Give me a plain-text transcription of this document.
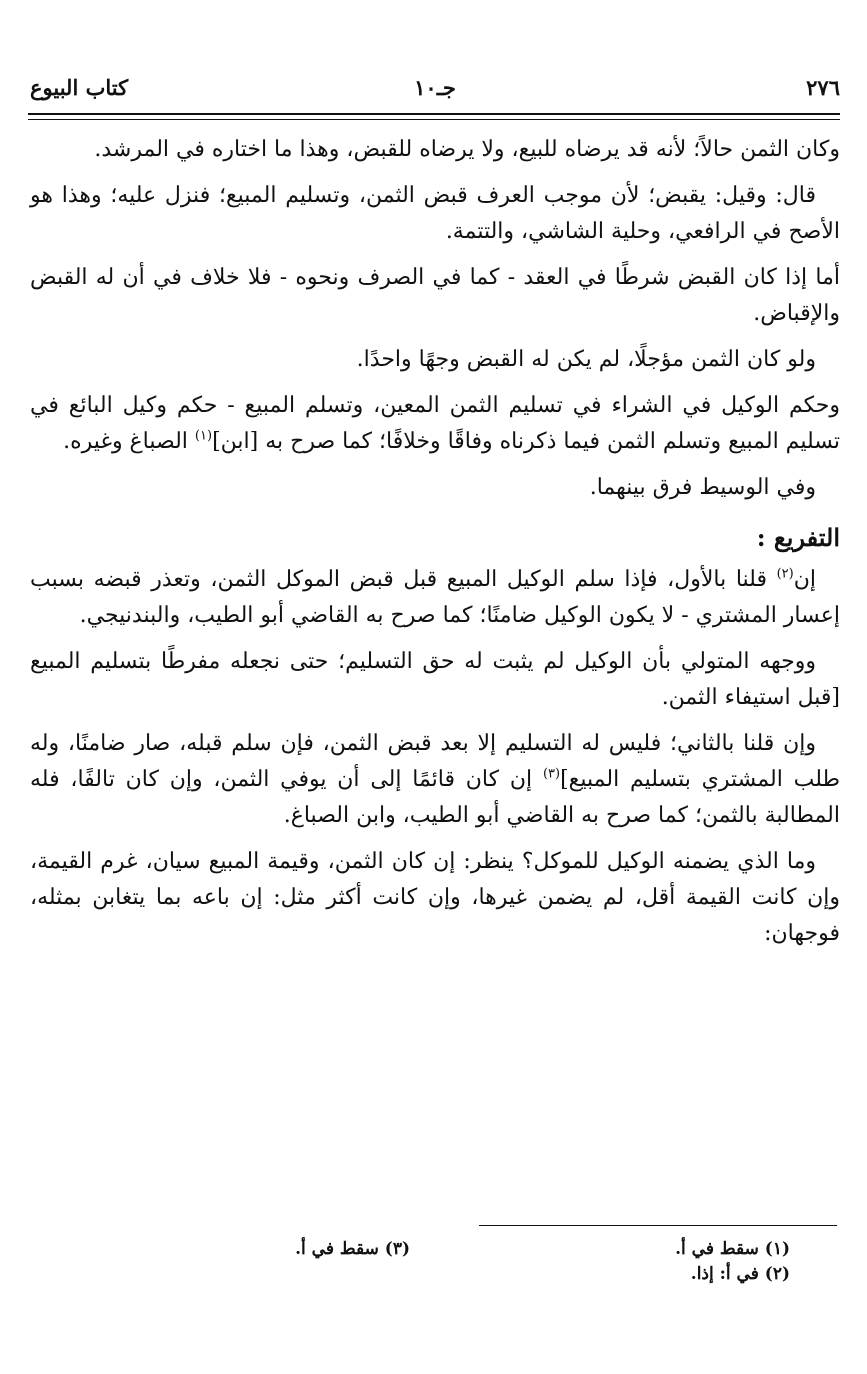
٢٧٦
جـ١٠
كتاب البيوع

وكان الثمن حالاً؛ لأنه قد يرضاه للبيع، ولا يرضاه للقبض، وهذا ما اختاره في المرشد.

قال: وقيل: يقبض؛ لأن موجب العرف قبض الثمن، وتسليم المبيع؛ فنزل عليه؛ وهذا هو الأصح في الرافعي، وحلية الشاشي، والتتمة.

أما إذا كان القبض شرطًا في العقد - كما في الصرف ونحوه - فلا خلاف في أن له القبض والإقباض.

ولو كان الثمن مؤجلًا، لم يكن له القبض وجهًا واحدًا.

وحكم الوكيل في الشراء في تسليم الثمن المعين، وتسلم المبيع - حكم وكيل البائع في تسليم المبيع وتسلم الثمن فيما ذكرناه وفاقًا وخلافًا؛ كما صرح به [ابن]$^{(١)}$ الصباغ وغيره.

وفي الوسيط فرق بينهما.

التفريع :

إن$^{(٢)}$ قلنا بالأول، فإذا سلم الوكيل المبيع قبل قبض الموكل الثمن، وتعذر قبضه بسبب إعسار المشتري - لا يكون الوكيل ضامنًا؛ كما صرح به القاضي أبو الطيب، والبندنيجي.

ووجهه المتولي بأن الوكيل لم يثبت له حق التسليم؛ حتى نجعله مفرطًا بتسليم المبيع [قبل استيفاء الثمن.

وإن قلنا بالثاني؛ فليس له التسليم إلا بعد قبض الثمن، فإن سلم قبله، صار ضامنًا، وله طلب المشتري بتسليم المبيع]$^{(٣)}$ إن كان قائمًا إلى أن يوفي الثمن، وإن كان تالفًا، فله المطالبة بالثمن؛ كما صرح به القاضي أبو الطيب، وابن الصباغ.

وما الذي يضمنه الوكيل للموكل؟ ينظر: إن كان الثمن، وقيمة المبيع سيان، غرم القيمة، وإن كانت القيمة أقل، لم يضمن غيرها، وإن كانت أكثر مثل: إن باعه بما يتغابن بمثله، فوجهان:

(١) سقط في أ.
(٣) سقط في أ.
(٢) في أ: إذا.
